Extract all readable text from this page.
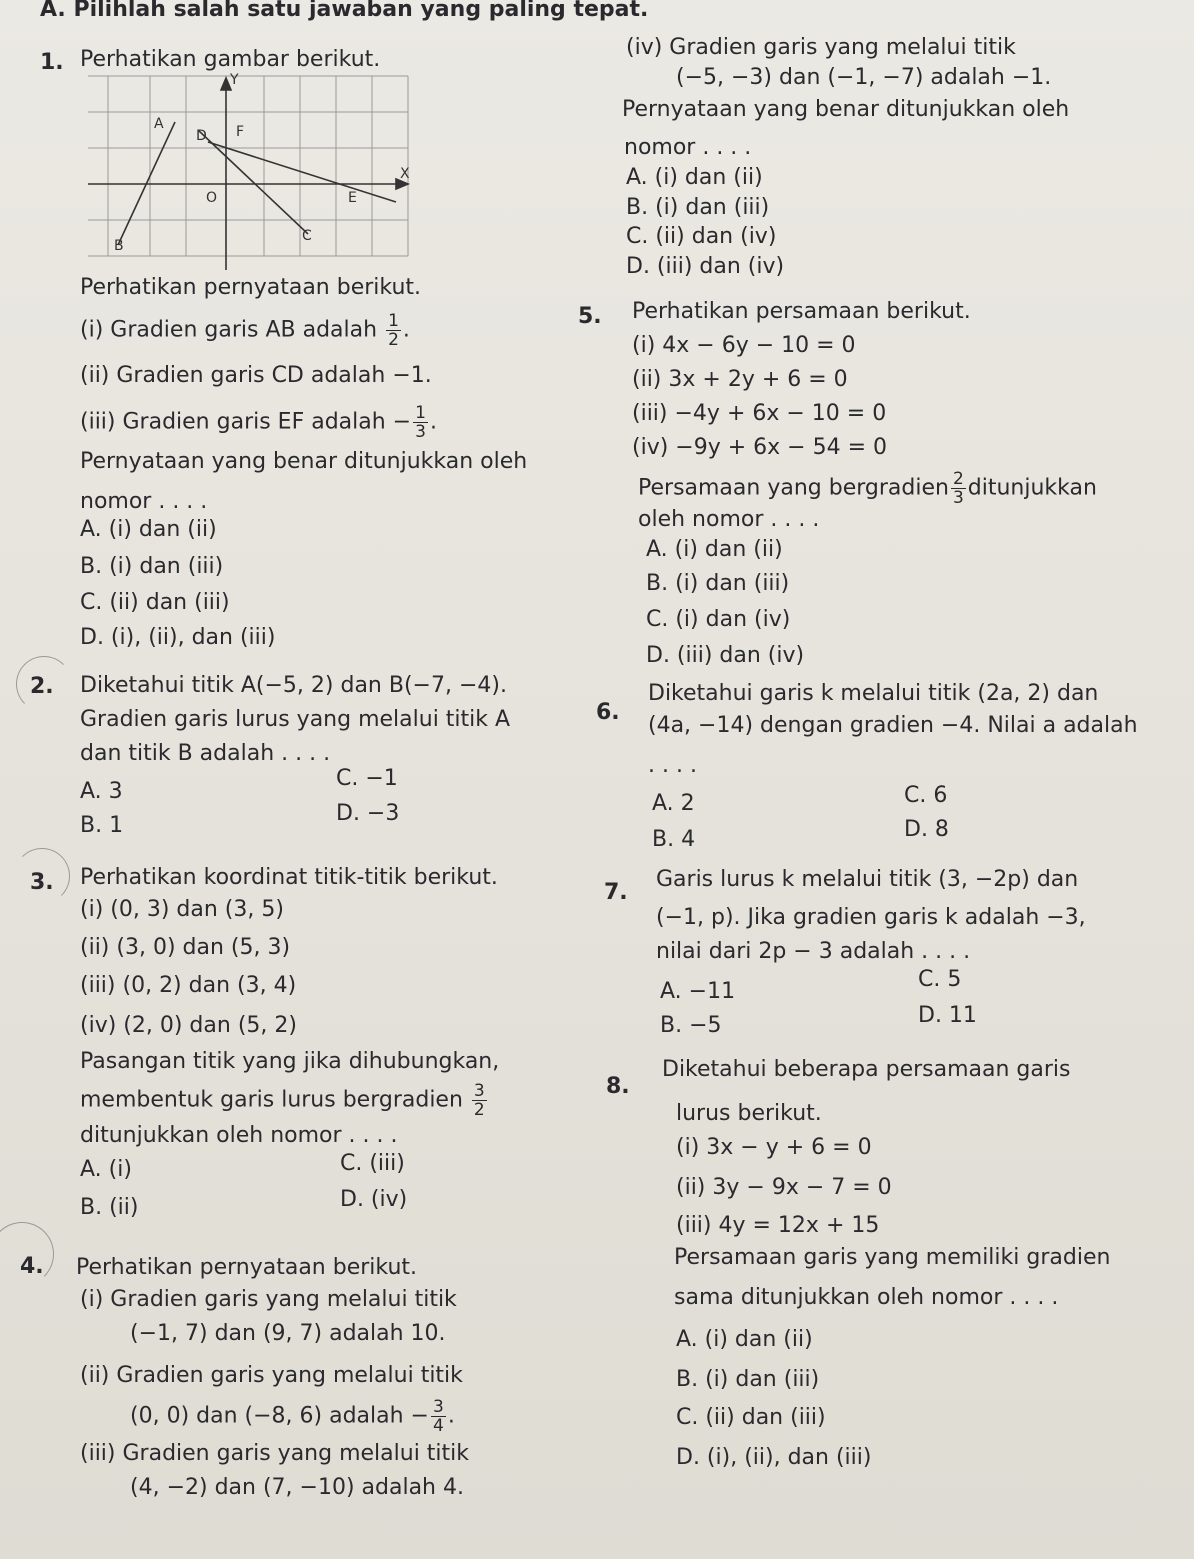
A. Pilihlah salah satu jawaban yang paling tepat.
1. Perhatikan gambar berikut.
Y
X
O
A
B
C
D
E
F
Perhatikan pernyataan berikut.
(i) Gradien garis AB adalah $\frac{1}{2}$ .
(ii) Gradien garis CD adalah −1.
(iii) Gradien garis EF adalah − $\frac{1}{3}$ .
Pernyataan yang benar ditunjukkan oleh
nomor . . . .
A. (i) dan (ii)
B. (i) dan (iii)
C. (ii) dan (iii)
D. (i), (ii), dan (iii)
2. Diketahui titik A(−5, 2) dan B(−7, −4).
Gradien garis lurus yang melalui titik A
dan titik B adalah . . . .
A. 3
B. 1
C. −1
D. −3
3. Perhatikan koordinat titik-titik berikut.
(i) (0, 3) dan (3, 5)
(ii) (3, 0) dan (5, 3)
(iii) (0, 2) dan (3, 4)
(iv) (2, 0) dan (5, 2)
Pasangan titik yang jika dihubungkan,
membentuk garis lurus bergradien $\frac{3}{2}$
ditunjukkan oleh nomor . . . .
A. (i)
B. (ii)
C. (iii)
D. (iv)
4. Perhatikan pernyataan berikut.
(i) Gradien garis yang melalui titik
(−1, 7) dan (9, 7) adalah 10.
(ii) Gradien garis yang melalui titik
(0, 0) dan (−8, 6) adalah − $\frac{3}{4}$ .
(iii) Gradien garis yang melalui titik
(4, −2) dan (7, −10) adalah 4.
(iv) Gradien garis yang melalui titik
(−5, −3) dan (−1, −7) adalah −1.
Pernyataan yang benar ditunjukkan oleh
nomor . . . .
A. (i) dan (ii)
B. (i) dan (iii)
C. (ii) dan (iv)
D. (iii) dan (iv)
5. Perhatikan persamaan berikut.
(i) 4x − 6y − 10 = 0
(ii) 3x + 2y + 6 = 0
(iii) −4y + 6x − 10 = 0
(iv) −9y + 6x − 54 = 0
Persamaan yang bergradien $\frac{2}{3}$ ditunjukkan
oleh nomor . . . .
A. (i) dan (ii)
B. (i) dan (iii)
C. (i) dan (iv)
D. (iii) dan (iv)
6.
Diketahui garis k melalui titik (2a, 2) dan
(4a, −14) dengan gradien −4. Nilai a adalah
. . . .
A. 2
B. 4
C. 6
D. 8
7.
Garis lurus k melalui titik (3, −2p) dan
(−1, p). Jika gradien garis k adalah −3,
nilai dari 2p − 3 adalah . . . .
A. −11
B. −5
C. 5
D. 11
8.
Diketahui beberapa persamaan garis
lurus berikut.
(i) 3x − y + 6 = 0
(ii) 3y − 9x − 7 = 0
(iii) 4y = 12x + 15
Persamaan garis yang memiliki gradien
sama ditunjukkan oleh nomor . . . .
A. (i) dan (ii)
B. (i) dan (iii)
C. (ii) dan (iii)
D. (i), (ii), dan (iii)
